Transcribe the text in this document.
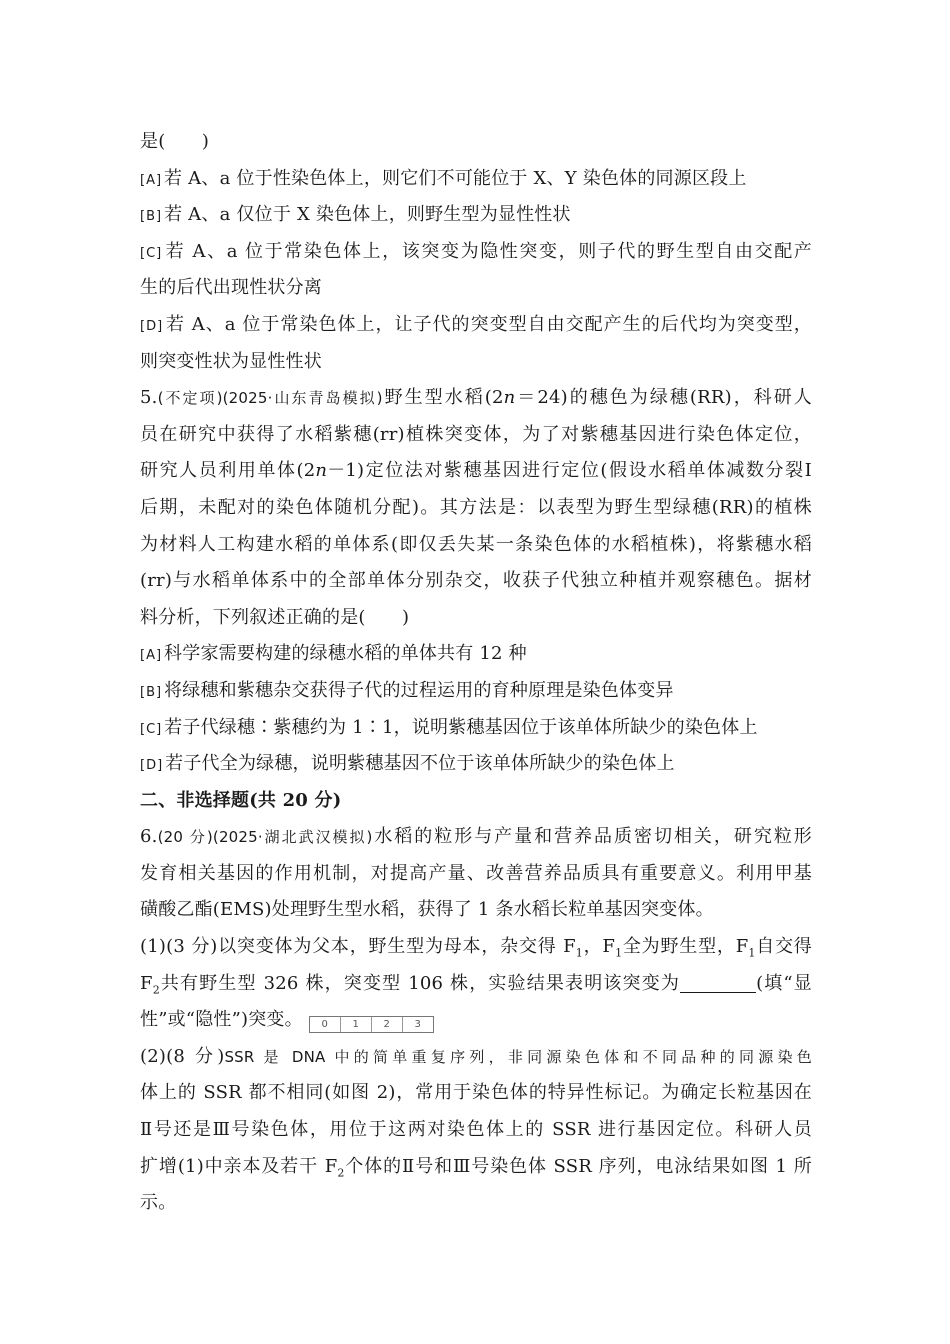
是(　　)
[A] 若 A、a 位于性染色体上，则它们不可能位于 X、Y 染色体的同源区段上
[B] 若 A、a 仅位于 X 染色体上，则野生型为显性性状
[C] 若 A、a 位于常染色体上，该突变为隐性突变，则子代的野生型自由交配产
生的后代出现性状分离
[D] 若 A、a 位于常染色体上，让子代的突变型自由交配产生的后代均为突变型，
则突变性状为显性性状
5.(不定项)(2025·山东青岛模拟)野生型水稻(2n＝24)的穗色为绿穗(RR)，科研人
员在研究中获得了水稻紫穗(rr)植株突变体，为了对紫穗基因进行染色体定位，
研究人员利用单体(2n－1)定位法对紫穗基因进行定位(假设水稻单体减数分裂Ⅰ
后期，未配对的染色体随机分配)。其方法是：以表型为野生型绿穗(RR)的植株
为材料人工构建水稻的单体系(即仅丢失某一条染色体的水稻植株)，将紫穗水稻
(rr)与水稻单体系中的全部单体分别杂交，收获子代独立种植并观察穗色。据材
料分析，下列叙述正确的是(　　)
[A] 科学家需要构建的绿穗水稻的单体共有 12 种
[B] 将绿穗和紫穗杂交获得子代的过程运用的育种原理是染色体变异
[C] 若子代绿穗∶紫穗约为 1∶1，说明紫穗基因位于该单体所缺少的染色体上
[D] 若子代全为绿穗，说明紫穗基因不位于该单体所缺少的染色体上
二、非选择题(共 20 分)
6.(20 分)(2025·湖北武汉模拟)水稻的粒形与产量和营养品质密切相关，研究粒形
发育相关基因的作用机制，对提高产量、改善营养品质具有重要意义。利用甲基
磺酸乙酯(EMS)处理野生型水稻，获得了 1 条水稻长粒单基因突变体。
(1)(3 分)以突变体为父本，野生型为母本，杂交得 $F_1$，$F_1$全为野生型，$F_1$自交得
$F_2$共有野生型 326 株，突变型 106 株，实验结果表明该突变为	(填“显
性”或“隐性”)突变。	0	1	2	3
(2)(8 分)SSR 是 DNA 中的简单重复序列，非同源染色体和不同品种的同源染色
体上的 SSR 都不相同(如图 2)，常用于染色体的特异性标记。为确定长粒基因在
Ⅱ号还是Ⅲ号染色体，用位于这两对染色体上的 SSR 进行基因定位。科研人员
扩增(1)中亲本及若干 $F_2$个体的Ⅱ号和Ⅲ号染色体 SSR 序列，电泳结果如图 1 所
示。
